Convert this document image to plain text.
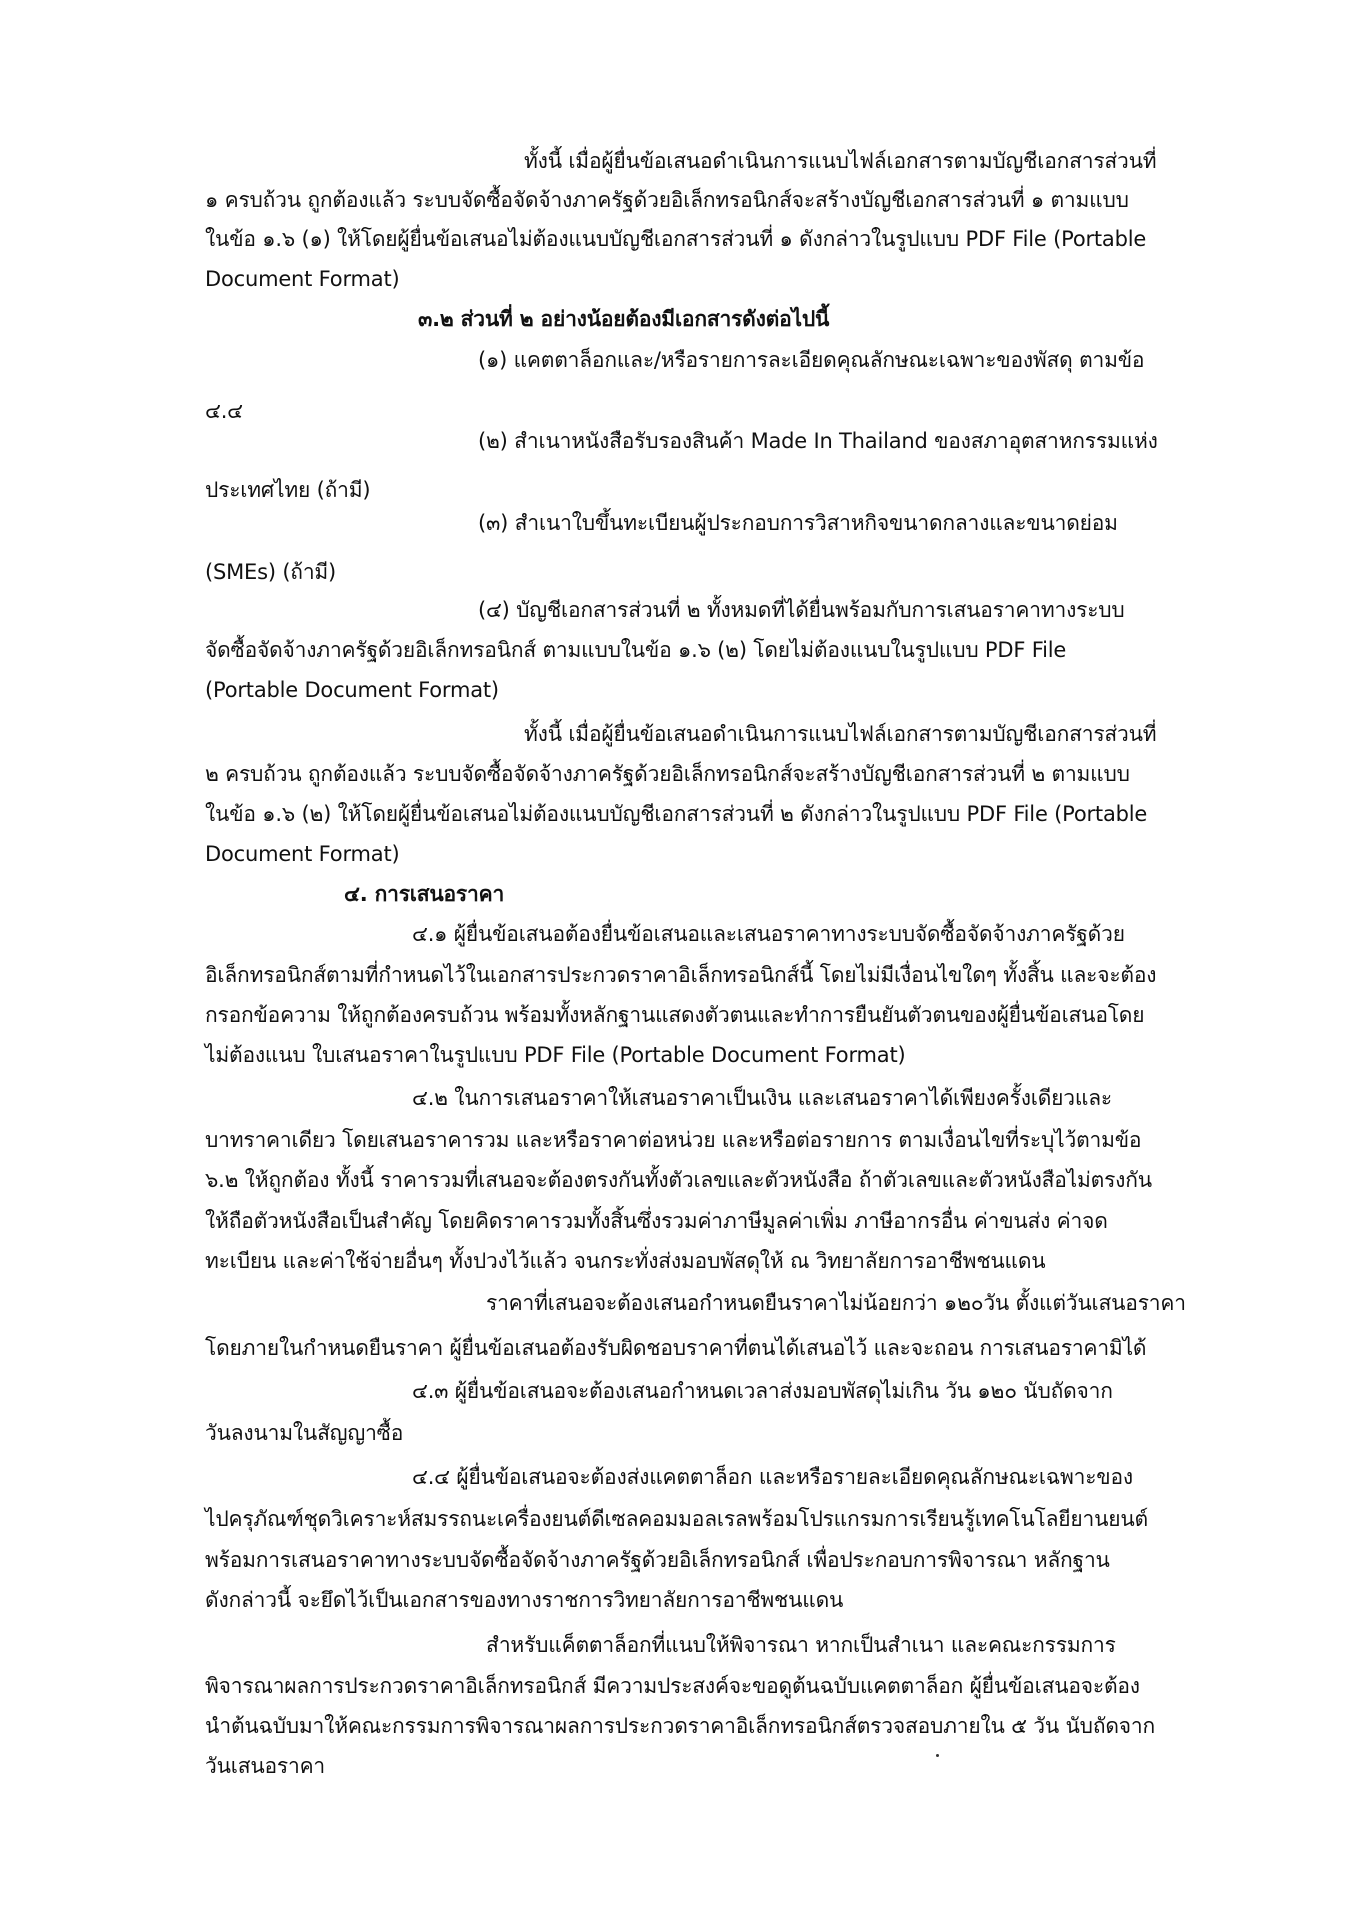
ทั้งนี้ เมื่อผู้ยื่นข้อเสนอดำเนินการแนบไฟล์เอกสารตามบัญชีเอกสารส่วนที่
๑ ครบถ้วน ถูกต้องแล้ว ระบบจัดซื้อจัดจ้างภาครัฐด้วยอิเล็กทรอนิกส์จะสร้างบัญชีเอกสารส่วนที่ ๑ ตามแบบ
ในข้อ ๑.๖ (๑) ให้โดยผู้ยื่นข้อเสนอไม่ต้องแนบบัญชีเอกสารส่วนที่ ๑ ดังกล่าวในรูปแบบ PDF File (Portable
Document Format)
๓.๒ ส่วนที่ ๒ อย่างน้อยต้องมีเอกสารดังต่อไปนี้
(๑) แคตตาล็อกและ/หรือรายการละเอียดคุณลักษณะเฉพาะของพัสดุ ตามข้อ
๔.๔
(๒) สำเนาหนังสือรับรองสินค้า Made In Thailand ของสภาอุตสาหกรรมแห่ง
ประเทศไทย (ถ้ามี)
(๓) สำเนาใบขึ้นทะเบียนผู้ประกอบการวิสาหกิจขนาดกลางและขนาดย่อม
(SMEs) (ถ้ามี)
(๔) บัญชีเอกสารส่วนที่ ๒ ทั้งหมดที่ได้ยื่นพร้อมกับการเสนอราคาทางระบบ
จัดซื้อจัดจ้างภาครัฐด้วยอิเล็กทรอนิกส์ ตามแบบในข้อ ๑.๖ (๒) โดยไม่ต้องแนบในรูปแบบ PDF File
(Portable Document Format)
ทั้งนี้ เมื่อผู้ยื่นข้อเสนอดำเนินการแนบไฟล์เอกสารตามบัญชีเอกสารส่วนที่
๒ ครบถ้วน ถูกต้องแล้ว ระบบจัดซื้อจัดจ้างภาครัฐด้วยอิเล็กทรอนิกส์จะสร้างบัญชีเอกสารส่วนที่ ๒ ตามแบบ
ในข้อ ๑.๖ (๒) ให้โดยผู้ยื่นข้อเสนอไม่ต้องแนบบัญชีเอกสารส่วนที่ ๒ ดังกล่าวในรูปแบบ PDF File (Portable
Document Format)
๔. การเสนอราคา
๔.๑ ผู้ยื่นข้อเสนอต้องยื่นข้อเสนอและเสนอราคาทางระบบจัดซื้อจัดจ้างภาครัฐด้วย
อิเล็กทรอนิกส์ตามที่กำหนดไว้ในเอกสารประกวดราคาอิเล็กทรอนิกส์นี้ โดยไม่มีเงื่อนไขใดๆ ทั้งสิ้น และจะต้อง
กรอกข้อความ ให้ถูกต้องครบถ้วน พร้อมทั้งหลักฐานแสดงตัวตนและทำการยืนยันตัวตนของผู้ยื่นข้อเสนอโดย
ไม่ต้องแนบ ใบเสนอราคาในรูปแบบ PDF File (Portable Document Format)
๔.๒ ในการเสนอราคาให้เสนอราคาเป็นเงิน และเสนอราคาได้เพียงครั้งเดียวและ
บาทราคาเดียว โดยเสนอราคารวม และหรือราคาต่อหน่วย และหรือต่อรายการ ตามเงื่อนไขที่ระบุไว้ตามข้อ
๖.๒ ให้ถูกต้อง ทั้งนี้ ราคารวมที่เสนอจะต้องตรงกันทั้งตัวเลขและตัวหนังสือ ถ้าตัวเลขและตัวหนังสือไม่ตรงกัน
ให้ถือตัวหนังสือเป็นสำคัญ โดยคิดราคารวมทั้งสิ้นซึ่งรวมค่าภาษีมูลค่าเพิ่ม ภาษีอากรอื่น ค่าขนส่ง ค่าจด
ทะเบียน และค่าใช้จ่ายอื่นๆ ทั้งปวงไว้แล้ว จนกระทั่งส่งมอบพัสดุให้ ณ วิทยาลัยการอาชีพชนแดน
ราคาที่เสนอจะต้องเสนอกำหนดยืนราคาไม่น้อยกว่า ๑๒๐วัน ตั้งแต่วันเสนอราคา
โดยภายในกำหนดยืนราคา ผู้ยื่นข้อเสนอต้องรับผิดชอบราคาที่ตนได้เสนอไว้ และจะถอน การเสนอราคามิได้
๔.๓ ผู้ยื่นข้อเสนอจะต้องเสนอกำหนดเวลาส่งมอบพัสดุไม่เกิน วัน ๑๒๐ นับถัดจาก
วันลงนามในสัญญาซื้อ
๔.๔ ผู้ยื่นข้อเสนอจะต้องส่งแคตตาล็อก และหรือรายละเอียดคุณลักษณะเฉพาะของ
ไปครุภัณฑ์ชุดวิเคราะห์สมรรถนะเครื่องยนต์ดีเซลคอมมอลเรลพร้อมโปรแกรมการเรียนรู้เทคโนโลยียานยนต์
พร้อมการเสนอราคาทางระบบจัดซื้อจัดจ้างภาครัฐด้วยอิเล็กทรอนิกส์ เพื่อประกอบการพิจารณา หลักฐาน
ดังกล่าวนี้ จะยึดไว้เป็นเอกสารของทางราชการวิทยาลัยการอาชีพชนแดน
สำหรับแค็ตตาล็อกที่แนบให้พิจารณา หากเป็นสำเนา และคณะกรรมการ
พิจารณาผลการประกวดราคาอิเล็กทรอนิกส์ มีความประสงค์จะขอดูต้นฉบับแคตตาล็อก ผู้ยื่นข้อเสนอจะต้อง
นำต้นฉบับมาให้คณะกรรมการพิจารณาผลการประกวดราคาอิเล็กทรอนิกส์ตรวจสอบภายใน ๕ วัน นับถัดจาก
วันเสนอราคา
